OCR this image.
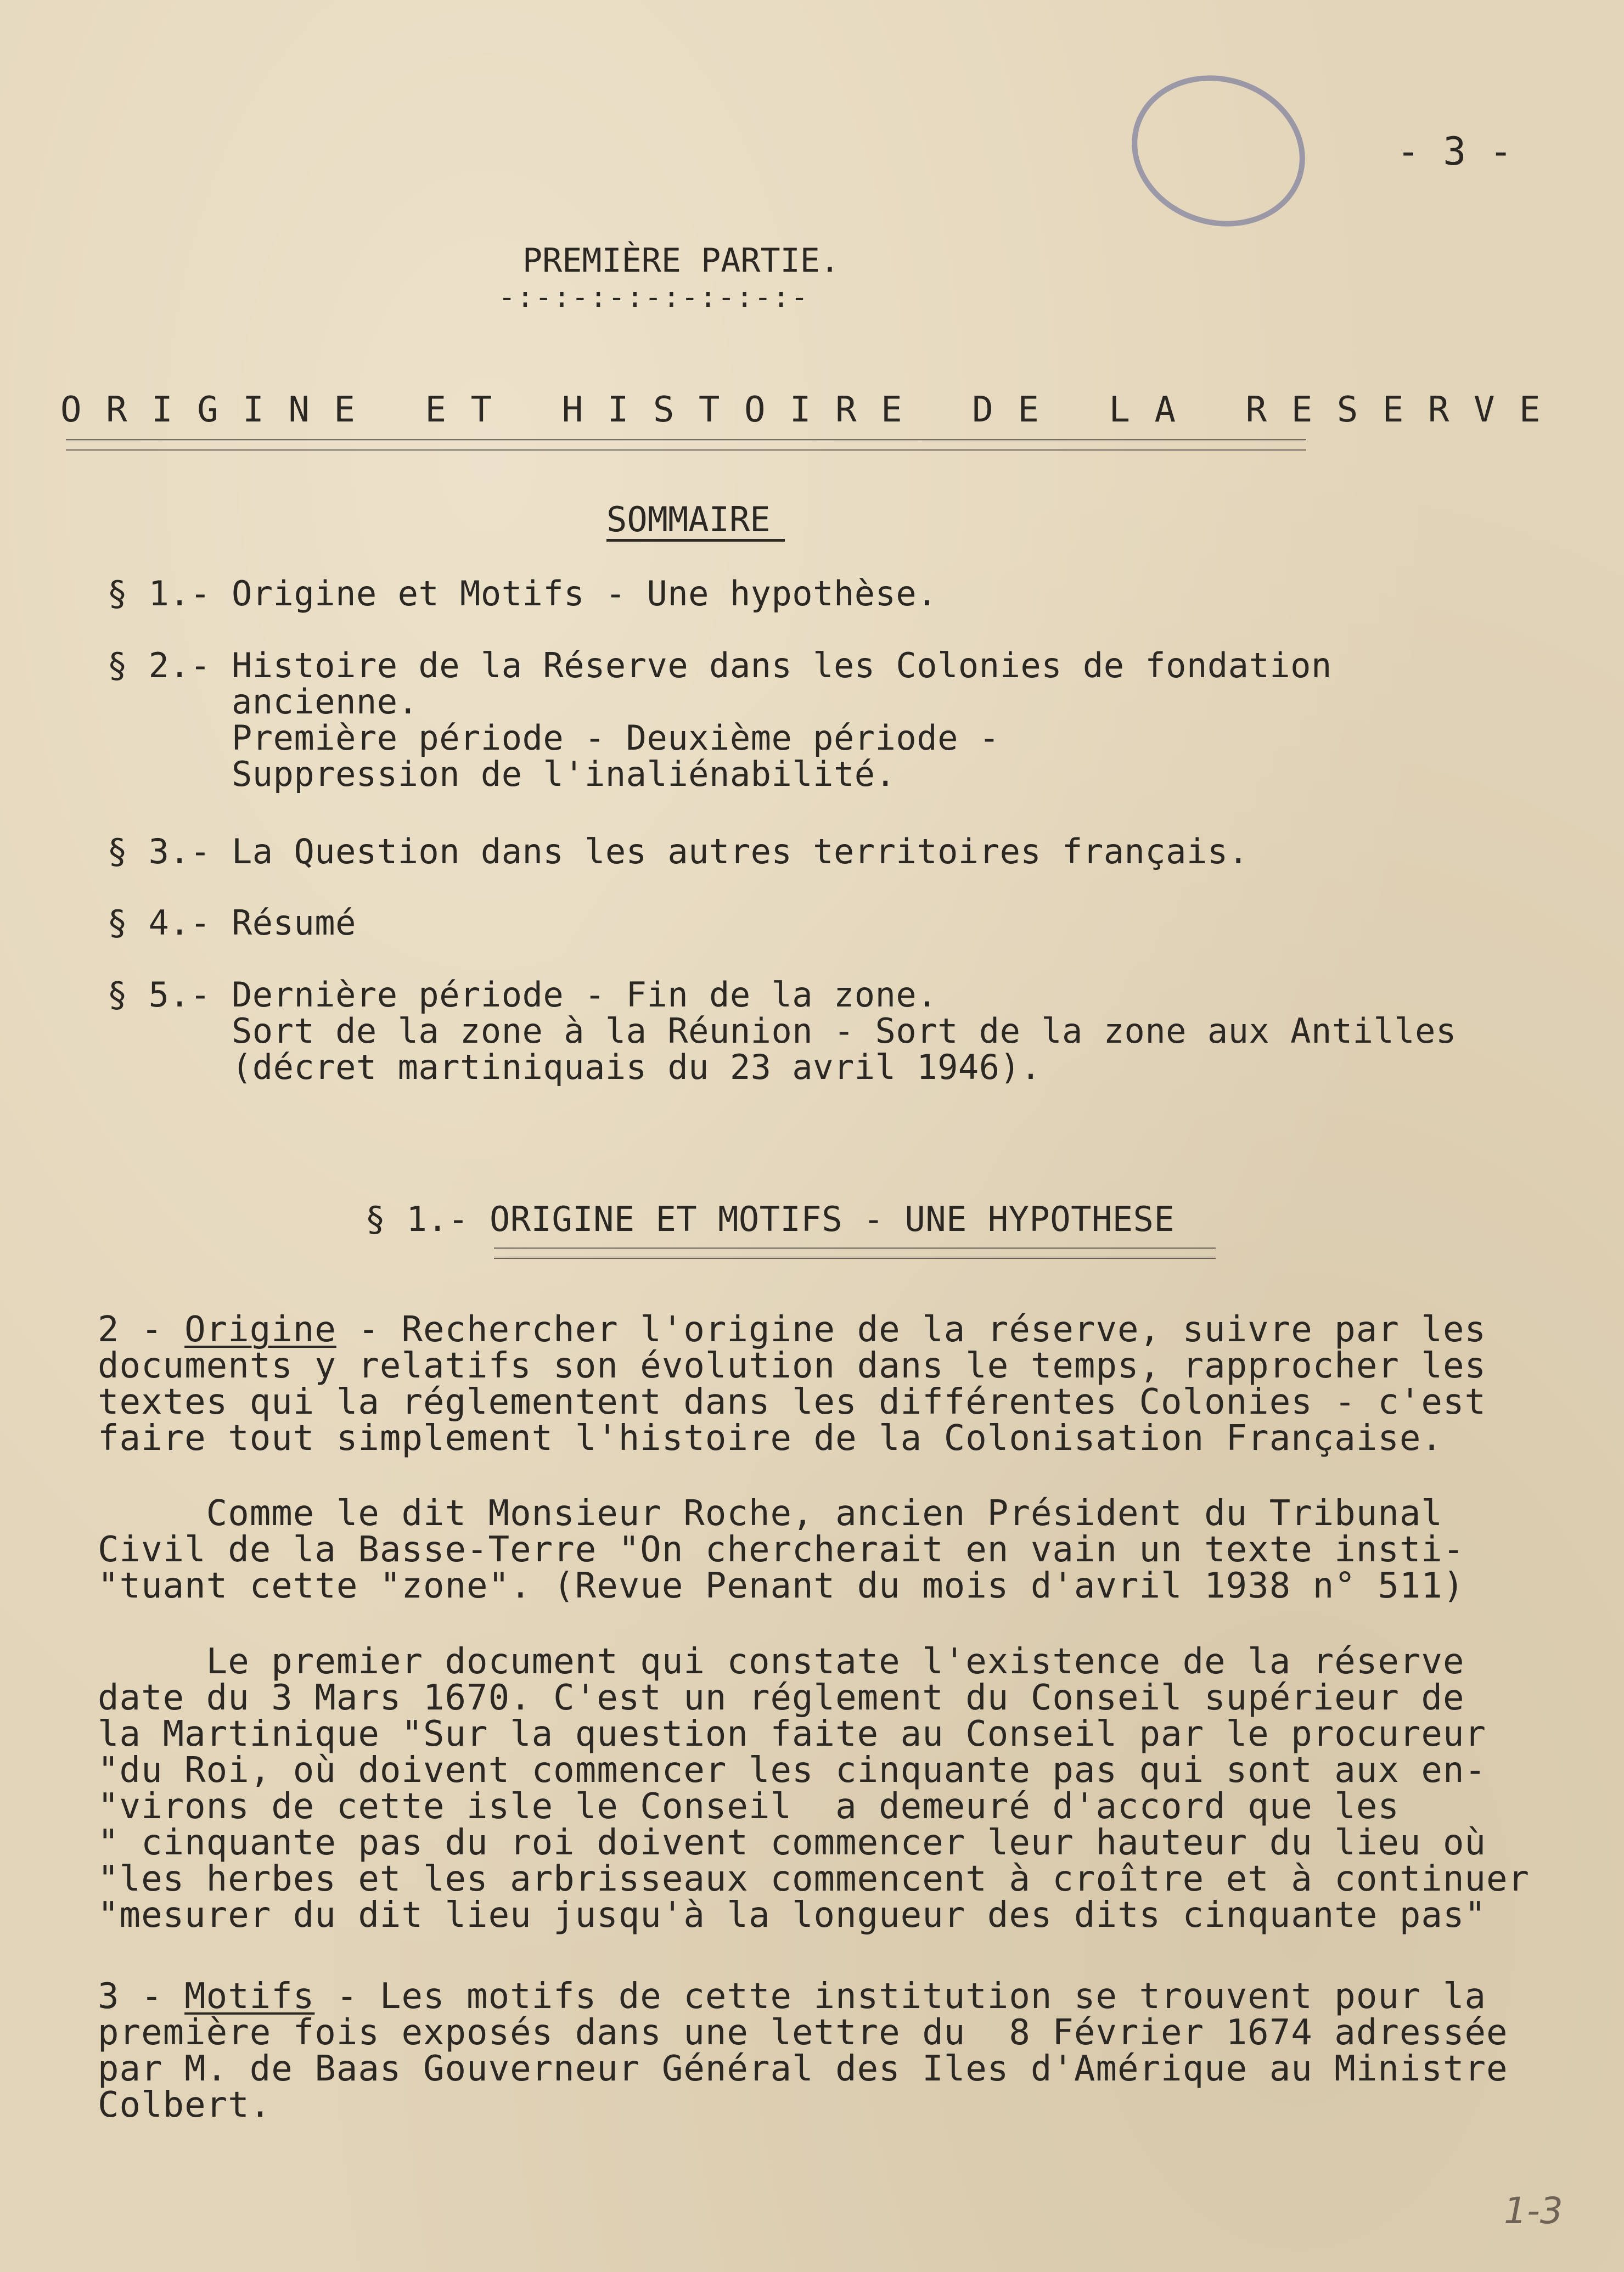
- 3 -
PREMIÈRE PARTIE.
-:-:-:-:-:-:-:-:-
O R I G I N E   E T   H I S T O I R E   D E   L A   R E S E R V E
SOMMAIRE
§ 1.- Origine et Motifs - Une hypothèse.
§ 2.- Histoire de la Réserve dans les Colonies de fondation
ancienne.
Première période - Deuxième période -
Suppression de l'inaliénabilité.
§ 3.- La Question dans les autres territoires français.
§ 4.- Résumé
§ 5.- Dernière période - Fin de la zone.
Sort de la zone à la Réunion - Sort de la zone aux Antilles
(décret martiniquais du 23 avril 1946).
§ 1.- ORIGINE ET MOTIFS - UNE HYPOTHESE
2 - Origine - Rechercher l'origine de la réserve, suivre par les
documents y relatifs son évolution dans le temps, rapprocher les
textes qui la réglementent dans les différentes Colonies - c'est
faire tout simplement l'histoire de la Colonisation Française.
Comme le dit Monsieur Roche, ancien Président du Tribunal
Civil de la Basse-Terre "On chercherait en vain un texte insti-
"tuant cette "zone". (Revue Penant du mois d'avril 1938 n° 511)
Le premier document qui constate l'existence de la réserve
date du 3 Mars 1670. C'est un réglement du Conseil supérieur de
la Martinique "Sur la question faite au Conseil par le procureur
"du Roi, où doivent commencer les cinquante pas qui sont aux en-
"virons de cette isle le Conseil  a demeuré d'accord que les
" cinquante pas du roi doivent commencer leur hauteur du lieu où
"les herbes et les arbrisseaux commencent à croître et à continuer
"mesurer du dit lieu jusqu'à la longueur des dits cinquante pas"
3 - Motifs - Les motifs de cette institution se trouvent pour la
première fois exposés dans une lettre du  8 Février 1674 adressée
par M. de Baas Gouverneur Général des Iles d'Amérique au Ministre
Colbert.
1-3
